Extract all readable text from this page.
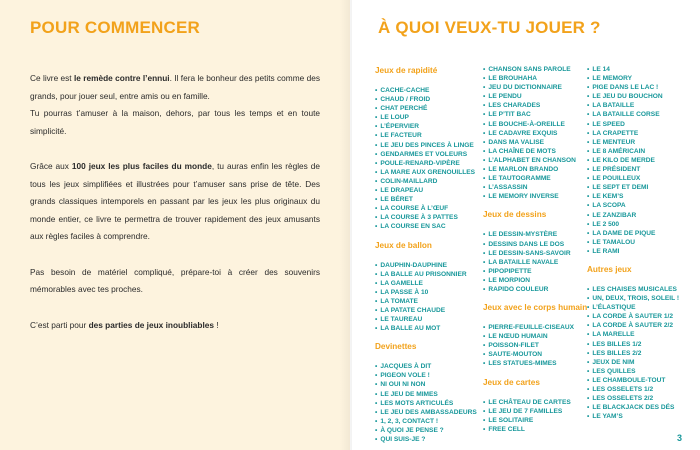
POUR COMMENCER

Ce livre est le remède contre l’ennui. Il fera le bonheur des petits comme des grands, pour jouer seul, entre amis ou en famille.

Tu pourras t’amuser à la maison, dehors, par tous les temps et en toute simplicité.

Grâce aux 100 jeux les plus faciles du monde, tu auras enfin les règles de tous les jeux simplifiées et illustrées pour t’amuser sans prise de tête. Des grands classiques intemporels en passant par les jeux les plus originaux du monde entier, ce livre te permettra de trouver rapidement des jeux amusants aux règles faciles à comprendre.

Pas besoin de matériel compliqué, prépare-toi à créer des souvenirs mémorables avec tes proches.

C’est parti pour des parties de jeux inoubliables !

À QUOI VEUX-TU JOUER ?
Jeux de rapidité
• CACHE-CACHE
• CHAUD / FROID
• CHAT PERCHÉ
• LE LOUP
• L’ÉPERVIER
• LE FACTEUR
• LE JEU DES PINCES À LINGE
• GENDARMES ET VOLEURS
• POULE-RENARD-VIPÈRE
• LA MARE AUX GRENOUILLES
• COLIN-MAILLARD
• LE DRAPEAU
• LE BÉRET
• LA COURSE À L’ŒUF
• LA COURSE À 3 PATTES
• LA COURSE EN SAC
Jeux de ballon
• DAUPHIN-DAUPHINE
• LA BALLE AU PRISONNIER
• LA GAMELLE
• LA PASSE À 10
• LA TOMATE
• LA PATATE CHAUDE
• LE TAUREAU
• LA BALLE AU MOT
Devinettes
• JACQUES À DIT
• PIGEON VOLE !
• NI OUI NI NON
• LE JEU DE MIMES
• LES MOTS ARTICULÉS
• LE JEU DES AMBASSADEURS
• 1, 2, 3, CONTACT !
• À QUOI JE PENSE ?
• QUI SUIS-JE ?
• CHANSON SANS PAROLE
• LE BROUHAHA
• JEU DU DICTIONNAIRE
• LE PENDU
• LES CHARADES
• LE P’TIT BAC
• LE BOUCHE-À-OREILLE
• LE CADAVRE EXQUIS
• DANS MA VALISE
• LA CHAÎNE DE MOTS
• L’ALPHABET EN CHANSON
• LE MARLON BRANDO
• LE TAUTOGRAMME
• L’ASSASSIN
• LE MEMORY INVERSE
Jeux de dessins
• LE DESSIN-MYSTÈRE
• DESSINS DANS LE DOS
• LE DESSIN-SANS-SAVOIR
• LA BATAILLE NAVALE
• PIPOPIPETTE
• LE MORPION
• RAPIDO COULEUR
Jeux avec le corps humain
• PIERRE-FEUILLE-CISEAUX
• LE NŒUD HUMAIN
• POISSON-FILET
• SAUTE-MOUTON
• LES STATUES-MIMES
Jeux de cartes
• LE CHÂTEAU DE CARTES
• LE JEU DE 7 FAMILLES
• LE SOLITAIRE
• FREE CELL
• LE 14
• LE MEMORY
• PIGE DANS LE LAC !
• LE JEU DU BOUCHON
• LA BATAILLE
• LA BATAILLE CORSE
• LE SPEED
• LA CRAPETTE
• LE MENTEUR
• LE 8 AMÉRICAIN
• LE KILO DE MERDE
• LE PRÉSIDENT
• LE POUILLEUX
• LE SEPT ET DEMI
• LE KEM’S
• LA SCOPA
• LE ZANZIBAR
• LE 2 500
• LA DAME DE PIQUE
• LE TAMALOU
• LE RAMI
Autres jeux
• LES CHAISES MUSICALES
• UN, DEUX, TROIS, SOLEIL !
• L’ÉLASTIQUE
• LA CORDE À SAUTER 1/2
• LA CORDE À SAUTER 2/2
• LA MARELLE
• LES BILLES 1/2
• LES BILLES 2/2
• JEUX DE NIM
• LES QUILLES
• LE CHAMBOULE-TOUT
• LES OSSELETS 1/2
• LES OSSELETS 2/2
• LE BLACKJACK DES DÉS
• LE YAM’S
3
